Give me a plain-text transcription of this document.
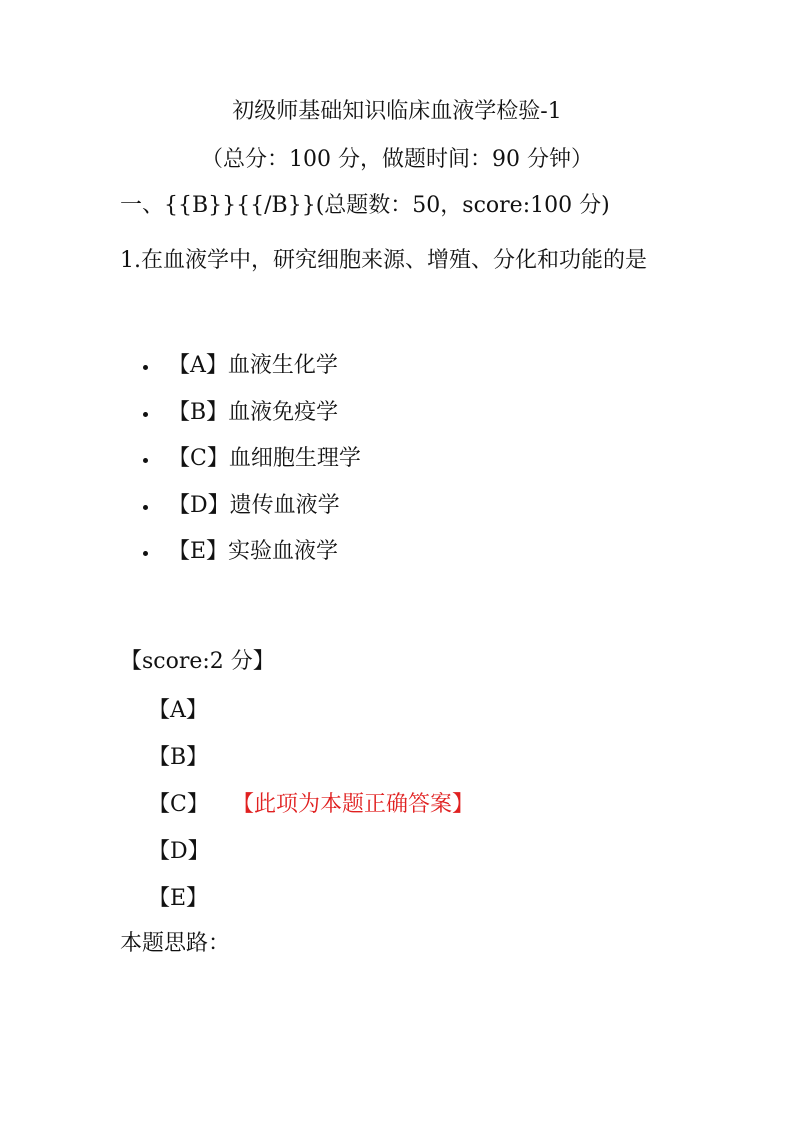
初级师基础知识临床血液学检验-1
（总分：100 分，做题时间：90 分钟）
一、{{B}}{{/B}}(总题数：50，score:100 分)
1.在血液学中，研究细胞来源、增殖、分化和功能的是
【A】血液生化学
【B】血液免疫学
【C】血细胞生理学
【D】遗传血液学
【E】实验血液学
【score:2 分】
【A】
【B】
【C】 【此项为本题正确答案】
【D】
【E】
本题思路：
